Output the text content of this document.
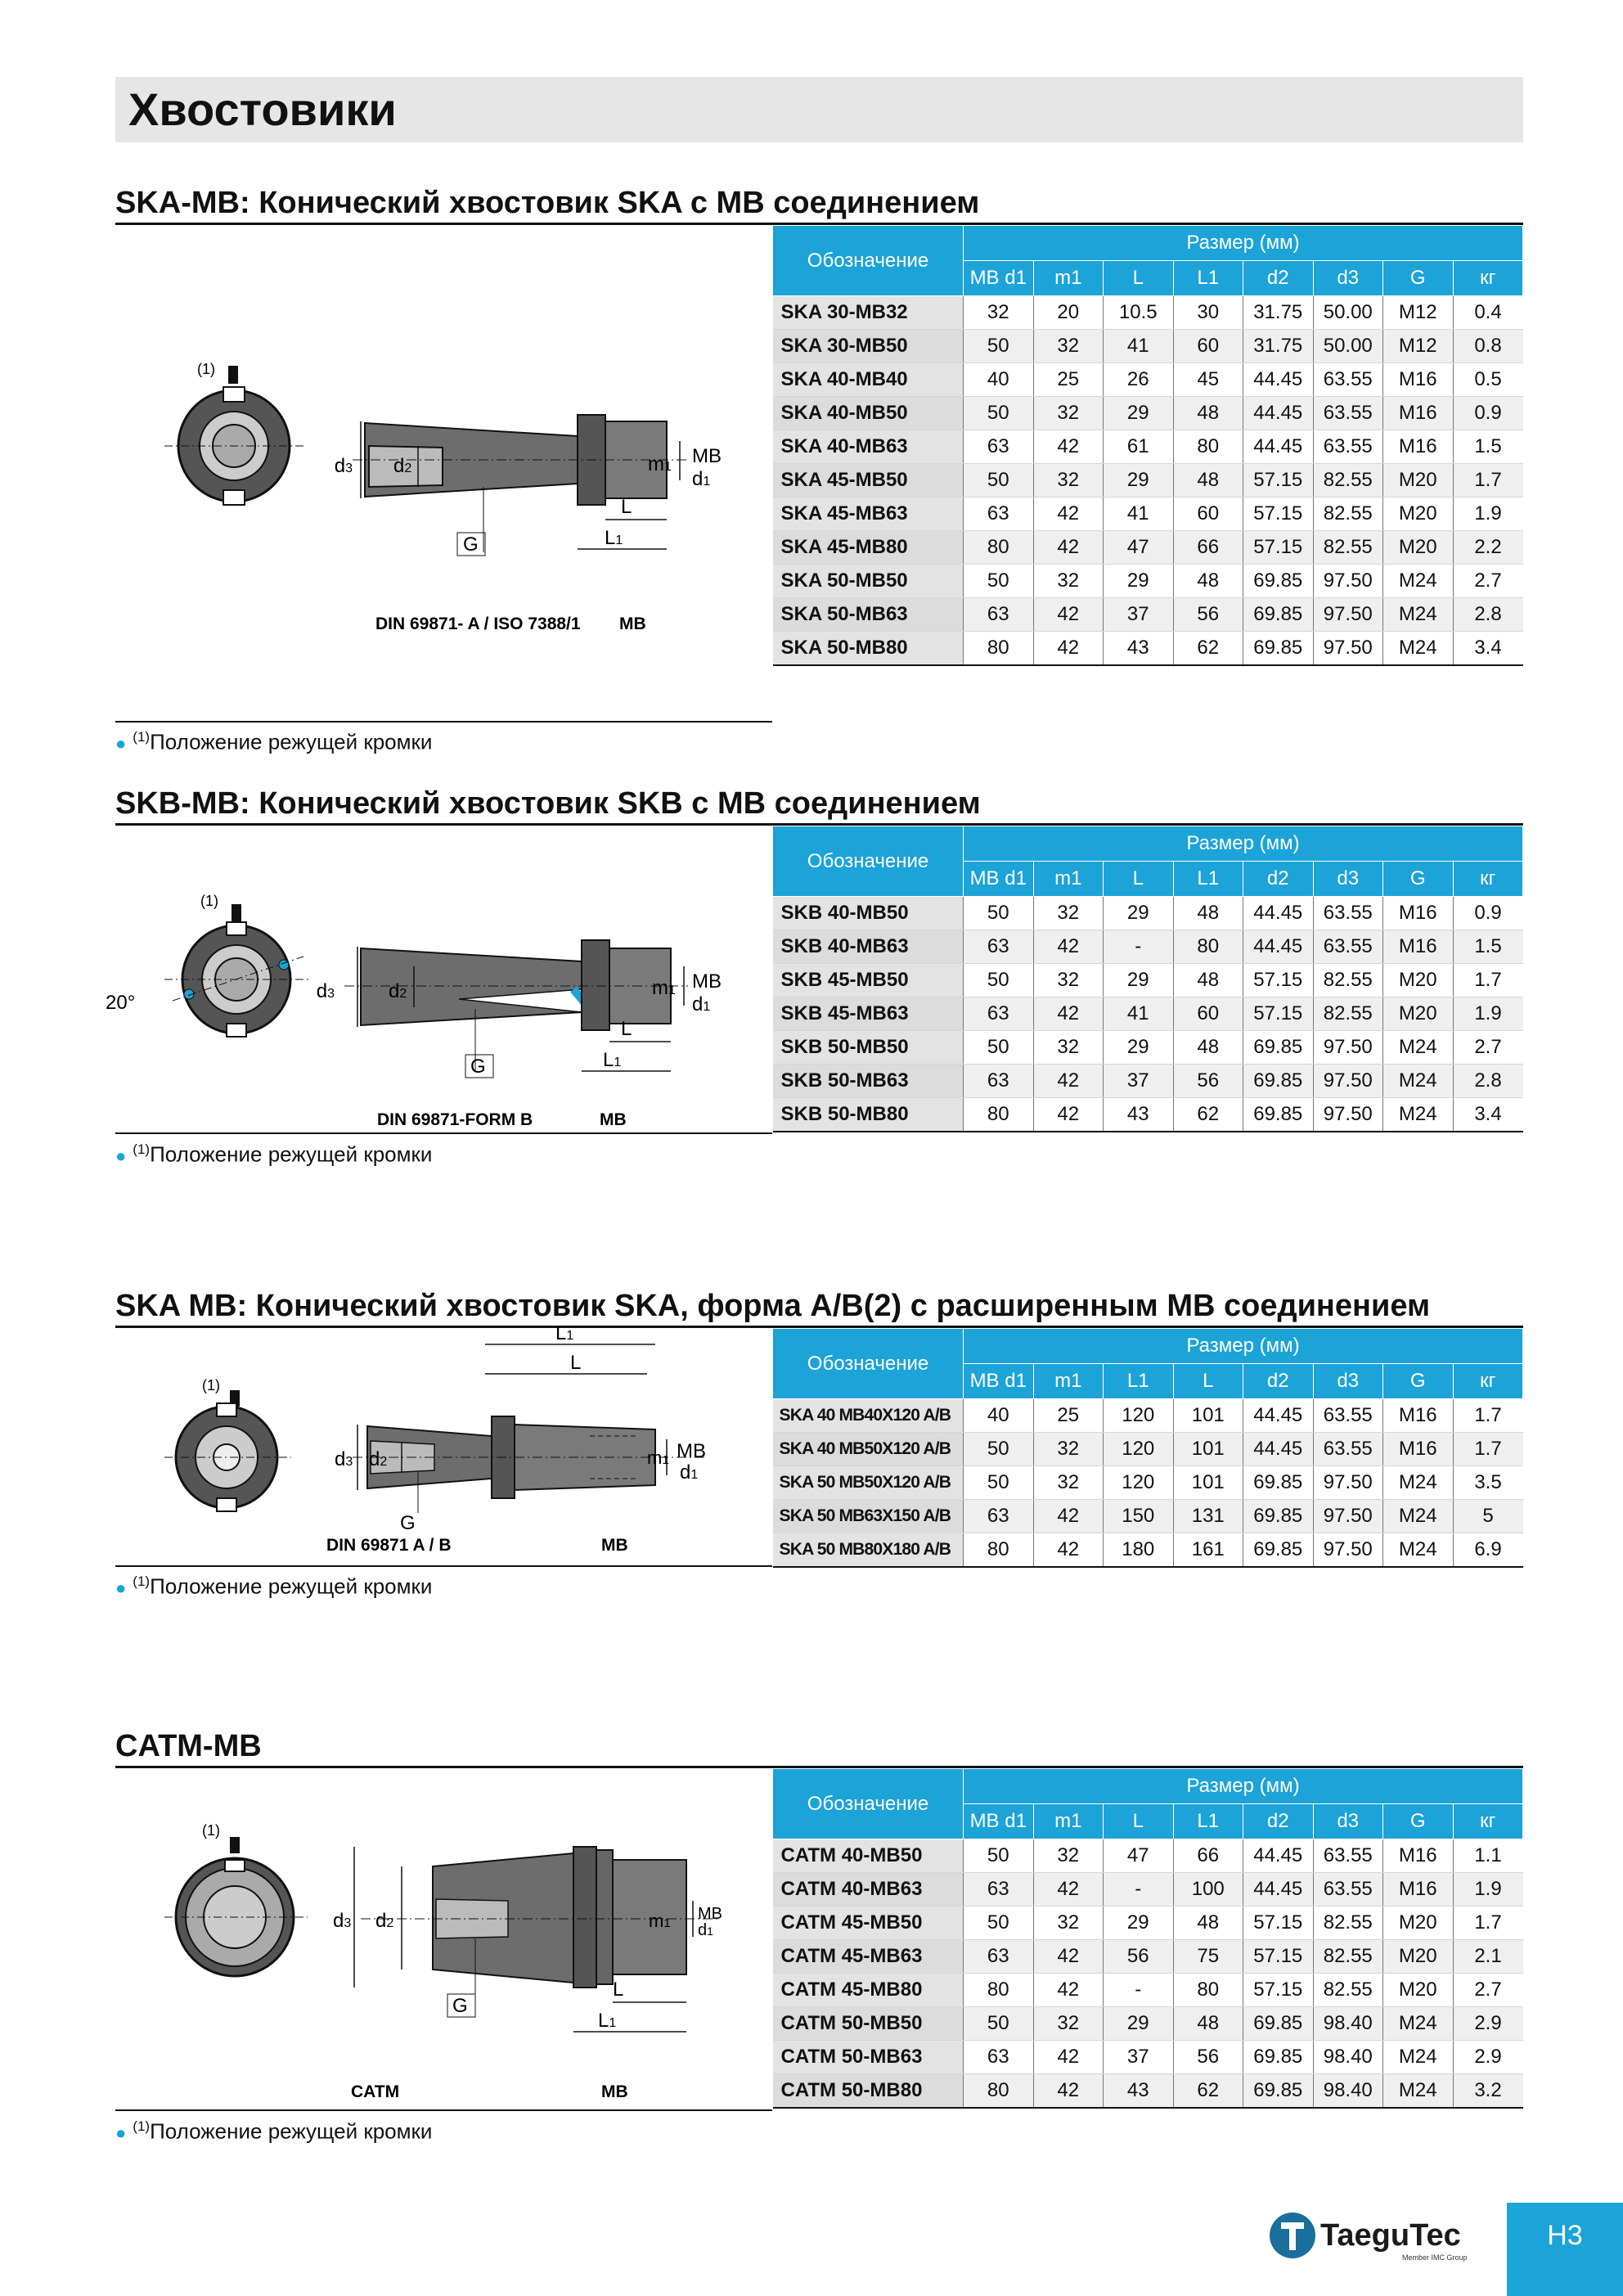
Хвостовики
SKA-MB: Конический хвостовик SKA с MB соединением
(1)
d3 d2
G
m1 MB
d1
L
L1
DIN 69871- A / ISO 7388/1 MB
Обозначение	Размер (мм)							
	MB d1	m1	L	L1	d2	d3	G	кг
SKA 30-MB32	32	20	10.5	30	31.75	50.00	M12	0.4
SKA 30-MB50	50	32	41	60	31.75	50.00	M12	0.8
SKA 40-MB40	40	25	26	45	44.45	63.55	M16	0.5
SKA 40-MB50	50	32	29	48	44.45	63.55	M16	0.9
SKA 40-MB63	63	42	61	80	44.45	63.55	M16	1.5
SKA 45-MB50	50	32	29	48	57.15	82.55	M20	1.7
SKA 45-MB63	63	42	41	60	57.15	82.55	M20	1.9
SKA 45-MB80	80	42	47	66	57.15	82.55	M20	2.2
SKA 50-MB50	50	32	29	48	69.85	97.50	M24	2.7
SKA 50-MB63	63	42	37	56	69.85	97.50	M24	2.8
SKA 50-MB80	80	42	43	62	69.85	97.50	M24	3.4
● $^{(1)}$Положение режущей кромки
SKB-MB: Конический хвостовик SKB с MB соединением
(1)
20°
d3	d2
G
m1 MB
d1
L
L1
DIN 69871-FORM B	MB
Обозначение	Размер (мм)							
	MB d1	m1	L	L1	d2	d3	G	кг
SKB 40-MB50	50	32	29	48	44.45	63.55	M16	0.9
SKB 40-MB63	63	42	-	80	44.45	63.55	M16	1.5
SKB 45-MB50	50	32	29	48	57.15	82.55	M20	1.7
SKB 45-MB63	63	42	41	60	57.15	82.55	M20	1.9
SKB 50-MB50	50	32	29	48	69.85	97.50	M24	2.7
SKB 50-MB63	63	42	37	56	69.85	97.50	M24	2.8
SKB 50-MB80	80	42	43	62	69.85	97.50	M24	3.4
● $^{(1)}$Положение режущей кромки
SKA MB: Конический хвостовик SKA, форма A/B(2) с расширенным MB соединением
(1)
L1
L
d3 d2
G
m1 MB
d1
DIN 69871 A / B	MB
Обозначение	Размер (мм)							
	MB d1	m1	L1	L	d2	d3	G	кг
SKA 40 MB40X120 A/B	40	25	120	101	44.45	63.55	M16	1.7
SKA 40 MB50X120 A/B	50	32	120	101	44.45	63.55	M16	1.7
SKA 50 MB50X120 A/B	50	32	120	101	69.85	97.50	M24	3.5
SKA 50 MB63X150 A/B	63	42	150	131	69.85	97.50	M24	5
SKA 50 MB80X180 A/B	80	42	180	161	69.85	97.50	M24	6.9
● $^{(1)}$Положение режущей кромки
CATM-MB
(1)
d3 d2
G
m1
MB
d1
L
L1
CATM	MB
Обозначение	Размер (мм)							
	MB d1	m1	L	L1	d2	d3	G	кг
CATM 40-MB50	50	32	47	66	44.45	63.55	M16	1.1
CATM 40-MB63	63	42	-	100	44.45	63.55	M16	1.9
CATM 45-MB50	50	32	29	48	57.15	82.55	M20	1.7
CATM 45-MB63	63	42	56	75	57.15	82.55	M20	2.1
CATM 45-MB80	80	42	-	80	57.15	82.55	M20	2.7
CATM 50-MB50	50	32	29	48	69.85	98.40	M24	2.9
CATM 50-MB63	63	42	37	56	69.85	98.40	M24	2.9
CATM 50-MB80	80	42	43	62	69.85	98.40	M24	3.2
● $^{(1)}$Положение режущей кромки
TaeguTec
Member IMC Group
H3
